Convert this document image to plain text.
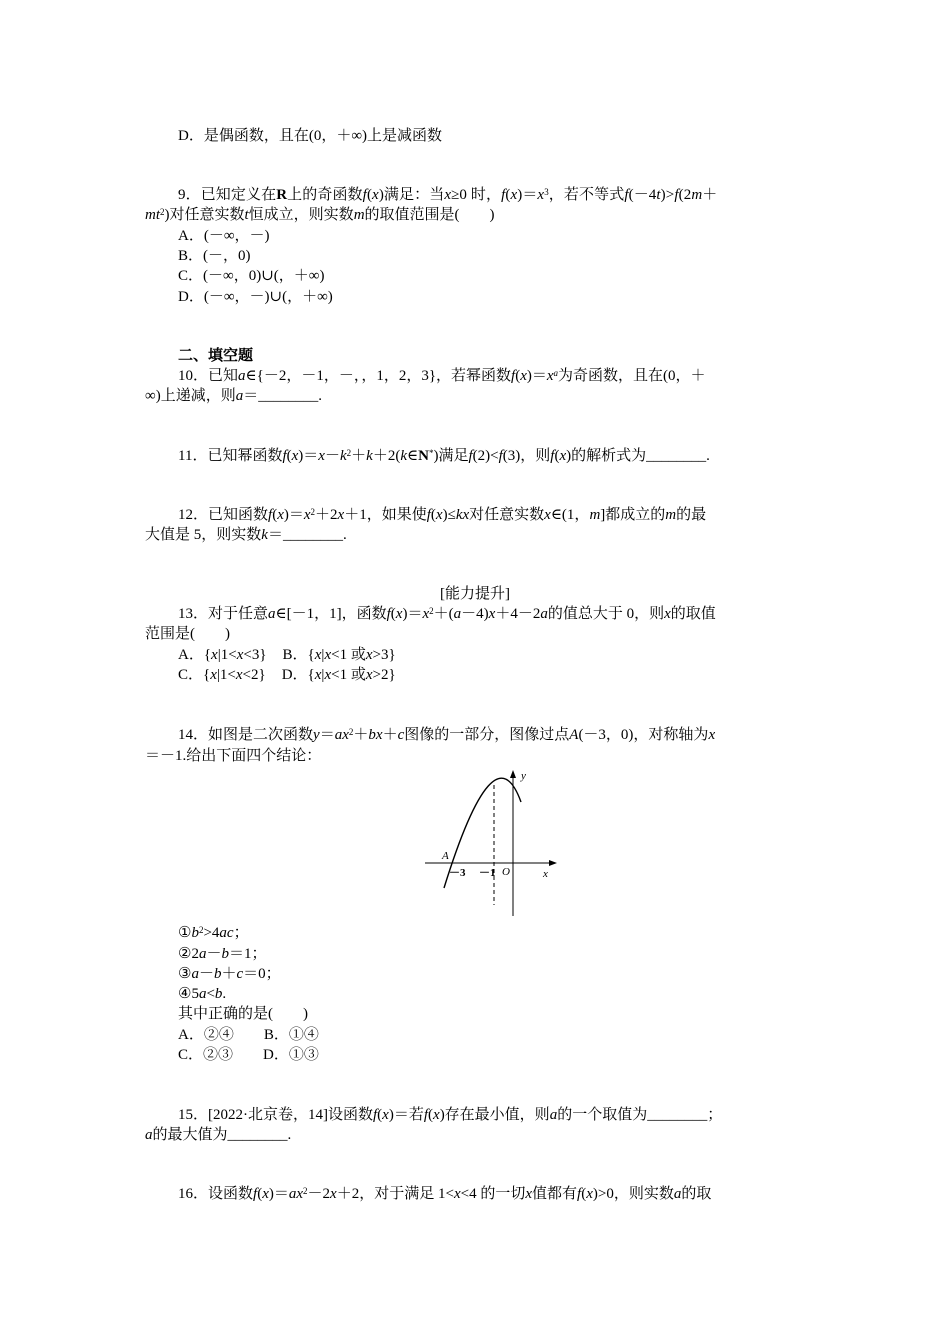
D．是偶函数，且在(0，＋∞)上是减函数
9．已知定义在R上的奇函数f(x)满足：当x≥0 时，$f(x)=x^3$，若不等式f(－4t)>f(2m＋
$mt^2$)对任意实数t恒成立，则实数m的取值范围是(　　)
A．(－∞，－)
B．(－，0)
C．(－∞，0)∪(，＋∞)
D．(－∞，－)∪(，＋∞)
二、填空题
10．已知a∈{－2，－1，－，，1，2，3}，若幂函数$f(x)=x^a$为奇函数，且在(0，＋
∞)上递减，则a＝________.
11．已知幂函数$f(x)=x-k^2+k+2(k\in N^*)$满足f(2)<f(3)，则f(x)的解析式为________.
12．已知函数$f(x)=x^2+2x+1$，如果使f(x)≤kx对任意实数x∈(1，m]都成立的m的最
大值是 5，则实数k＝________.
[能力提升]
13．对于任意a∈[－1，1]，函数$f(x)=x^2+(a-4)x+4-2a$的值总大于 0，则x的取值
范围是(　　)
A．{x|1<x<3} B．{x|x<1 或x>3}
C．{x|1<x<2} D．{x|x<1 或x>2}
14．如图是二次函数$y=ax^2+bx+c$图像的一部分，图像过点A(－3，0)，对称轴为x
＝－1.给出下面四个结论：
y
x
O
A
－3 －1
$①b^2>4ac$；
②2a－b＝1；
③a－b＋c＝0；
④5a<b.
其中正确的是(　　)
A．②④ B．①④
C．②③ D．①③
15．[2022·北京卷，14]设函数f(x)＝若f(x)存在最小值，则a的一个取值为________；
a的最大值为________.
16．设函数$f(x)=ax^2-2x+2$，对于满足 1<x<4 的一切x值都有f(x)>0，则实数a的取
